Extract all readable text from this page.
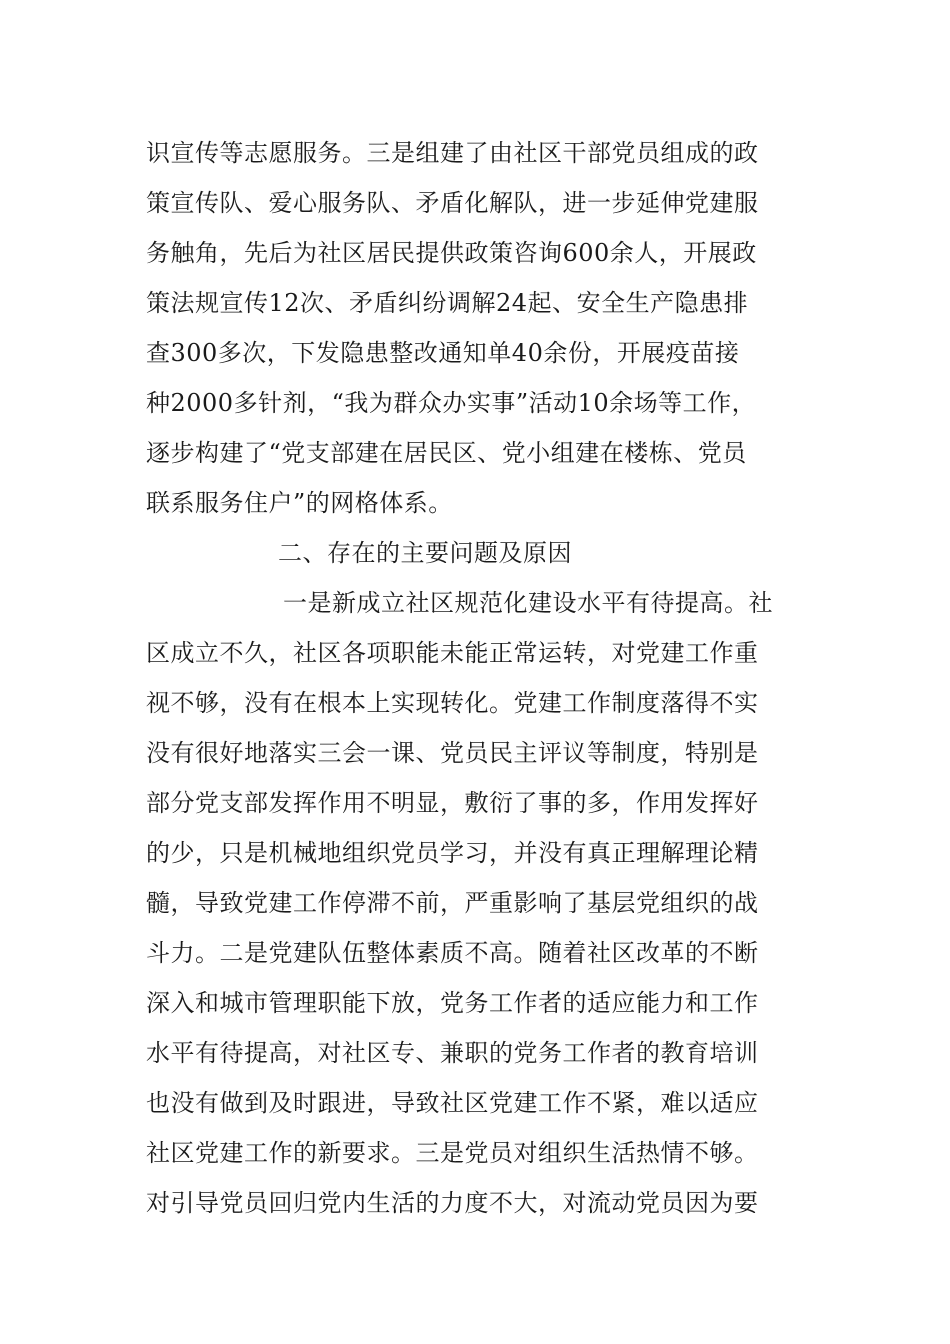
识宣传等志愿服务。三是组建了由社区干部党员组成的政
策宣传队、爱心服务队、矛盾化解队，进一步延伸党建服
务触角，先后为社区居民提供政策咨询600余人，开展政
策法规宣传12次、矛盾纠纷调解24起、安全生产隐患排
查300多次，下发隐患整改通知单40余份，开展疫苗接
种2000多针剂，“我为群众办实事”活动10余场等工作，
逐步构建了“党支部建在居民区、党小组建在楼栋、党员
联系服务住户”的网格体系。
二、存在的主要问题及原因
一是新成立社区规范化建设水平有待提高。社
区成立不久，社区各项职能未能正常运转，对党建工作重
视不够，没有在根本上实现转化。党建工作制度落得不实
没有很好地落实三会一课、党员民主评议等制度，特别是
部分党支部发挥作用不明显，敷衍了事的多，作用发挥好
的少，只是机械地组织党员学习，并没有真正理解理论精
髓，导致党建工作停滞不前，严重影响了基层党组织的战
斗力。二是党建队伍整体素质不高。随着社区改革的不断
深入和城市管理职能下放，党务工作者的适应能力和工作
水平有待提高，对社区专、兼职的党务工作者的教育培训
也没有做到及时跟进，导致社区党建工作不紧，难以适应
社区党建工作的新要求。三是党员对组织生活热情不够。
对引导党员回归党内生活的力度不大，对流动党员因为要
